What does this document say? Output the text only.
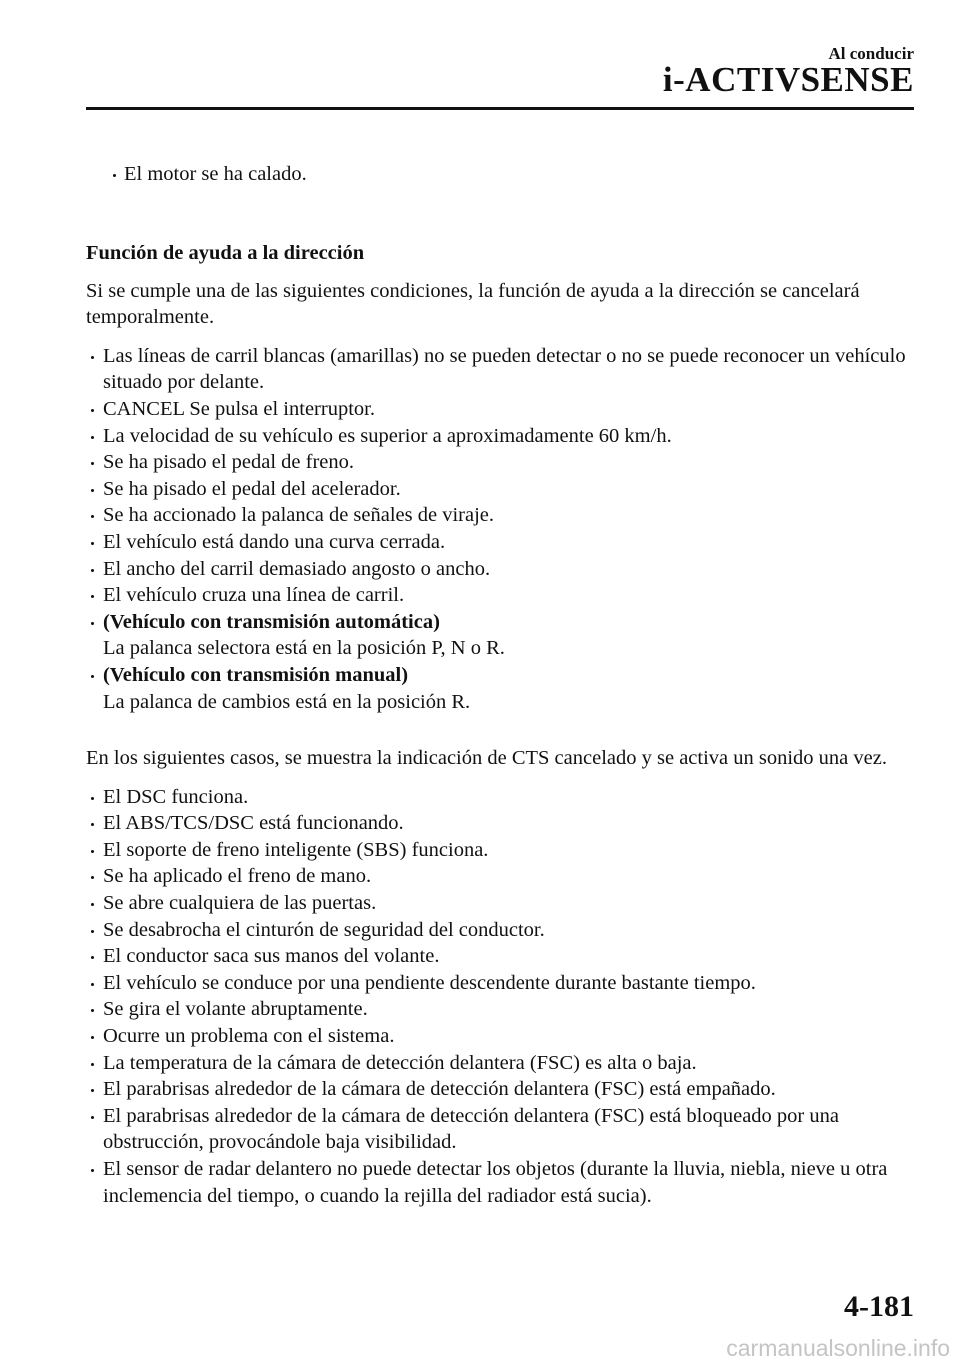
Al conducir
i-ACTIVSENSE
El motor se ha calado.
Función de ayuda a la dirección

Si se cumple una de las siguientes condiciones, la función de ayuda a la dirección se cancelará temporalmente.

Las líneas de carril blancas (amarillas) no se pueden detectar o no se puede reconocer un vehículo situado por delante.
CANCEL Se pulsa el interruptor.
La velocidad de su vehículo es superior a aproximadamente 60 km/h.
Se ha pisado el pedal de freno.
Se ha pisado el pedal del acelerador.
Se ha accionado la palanca de señales de viraje.
El vehículo está dando una curva cerrada.
El ancho del carril demasiado angosto o ancho.
El vehículo cruza una línea de carril.
(Vehículo con transmisión automática)
La palanca selectora está en la posición P, N o R.
(Vehículo con transmisión manual)
La palanca de cambios está en la posición R.

En los siguientes casos, se muestra la indicación de CTS cancelado y se activa un sonido una vez.

El DSC funciona.
El ABS/TCS/DSC está funcionando.
El soporte de freno inteligente (SBS) funciona.
Se ha aplicado el freno de mano.
Se abre cualquiera de las puertas.
Se desabrocha el cinturón de seguridad del conductor.
El conductor saca sus manos del volante.
El vehículo se conduce por una pendiente descendente durante bastante tiempo.
Se gira el volante abruptamente.
Ocurre un problema con el sistema.
La temperatura de la cámara de detección delantera (FSC) es alta o baja.
El parabrisas alrededor de la cámara de detección delantera (FSC) está empañado.
El parabrisas alrededor de la cámara de detección delantera (FSC) está bloqueado por una obstrucción, provocándole baja visibilidad.
El sensor de radar delantero no puede detectar los objetos (durante la lluvia, niebla, nieve u otra inclemencia del tiempo, o cuando la rejilla del radiador está sucia).
4-181
carmanualsonline.info
